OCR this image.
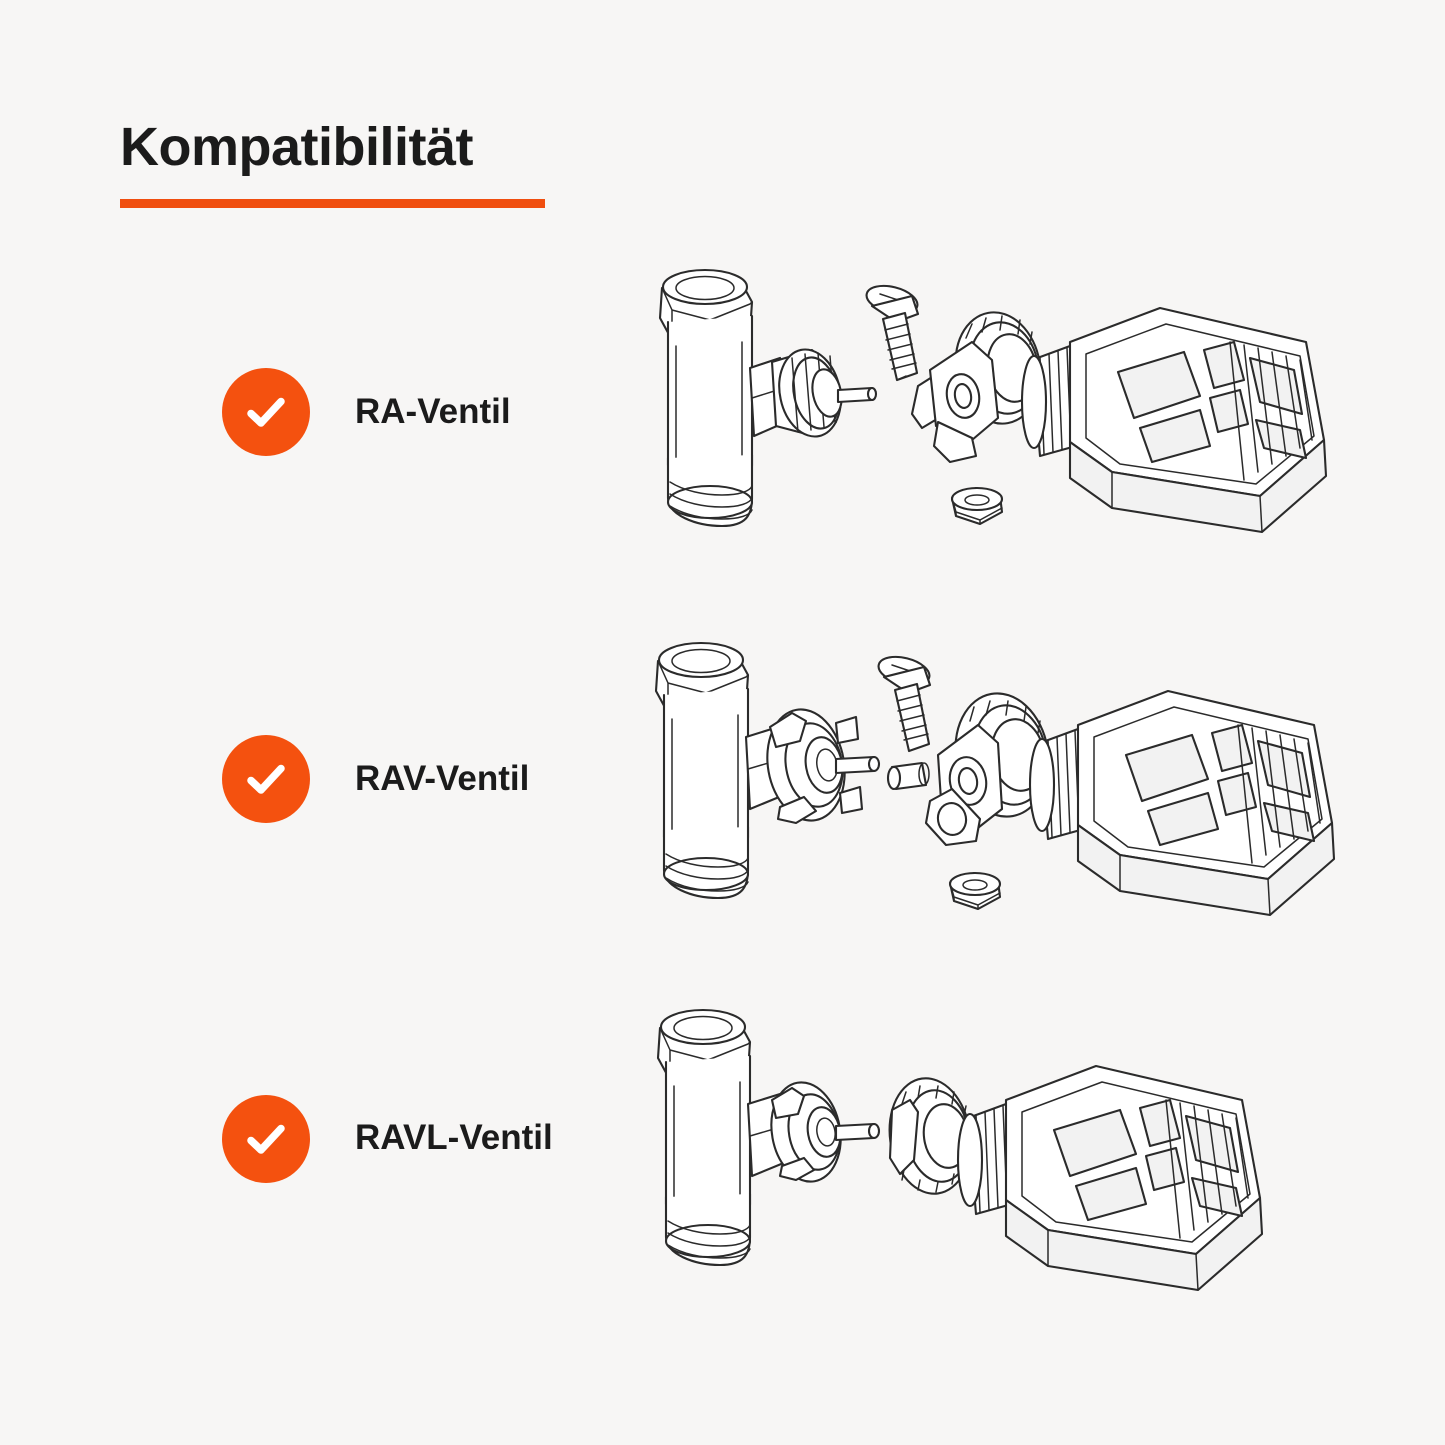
Kompatibilität
RA-Ventil
RAV-Ventil
RAVL-Ventil
